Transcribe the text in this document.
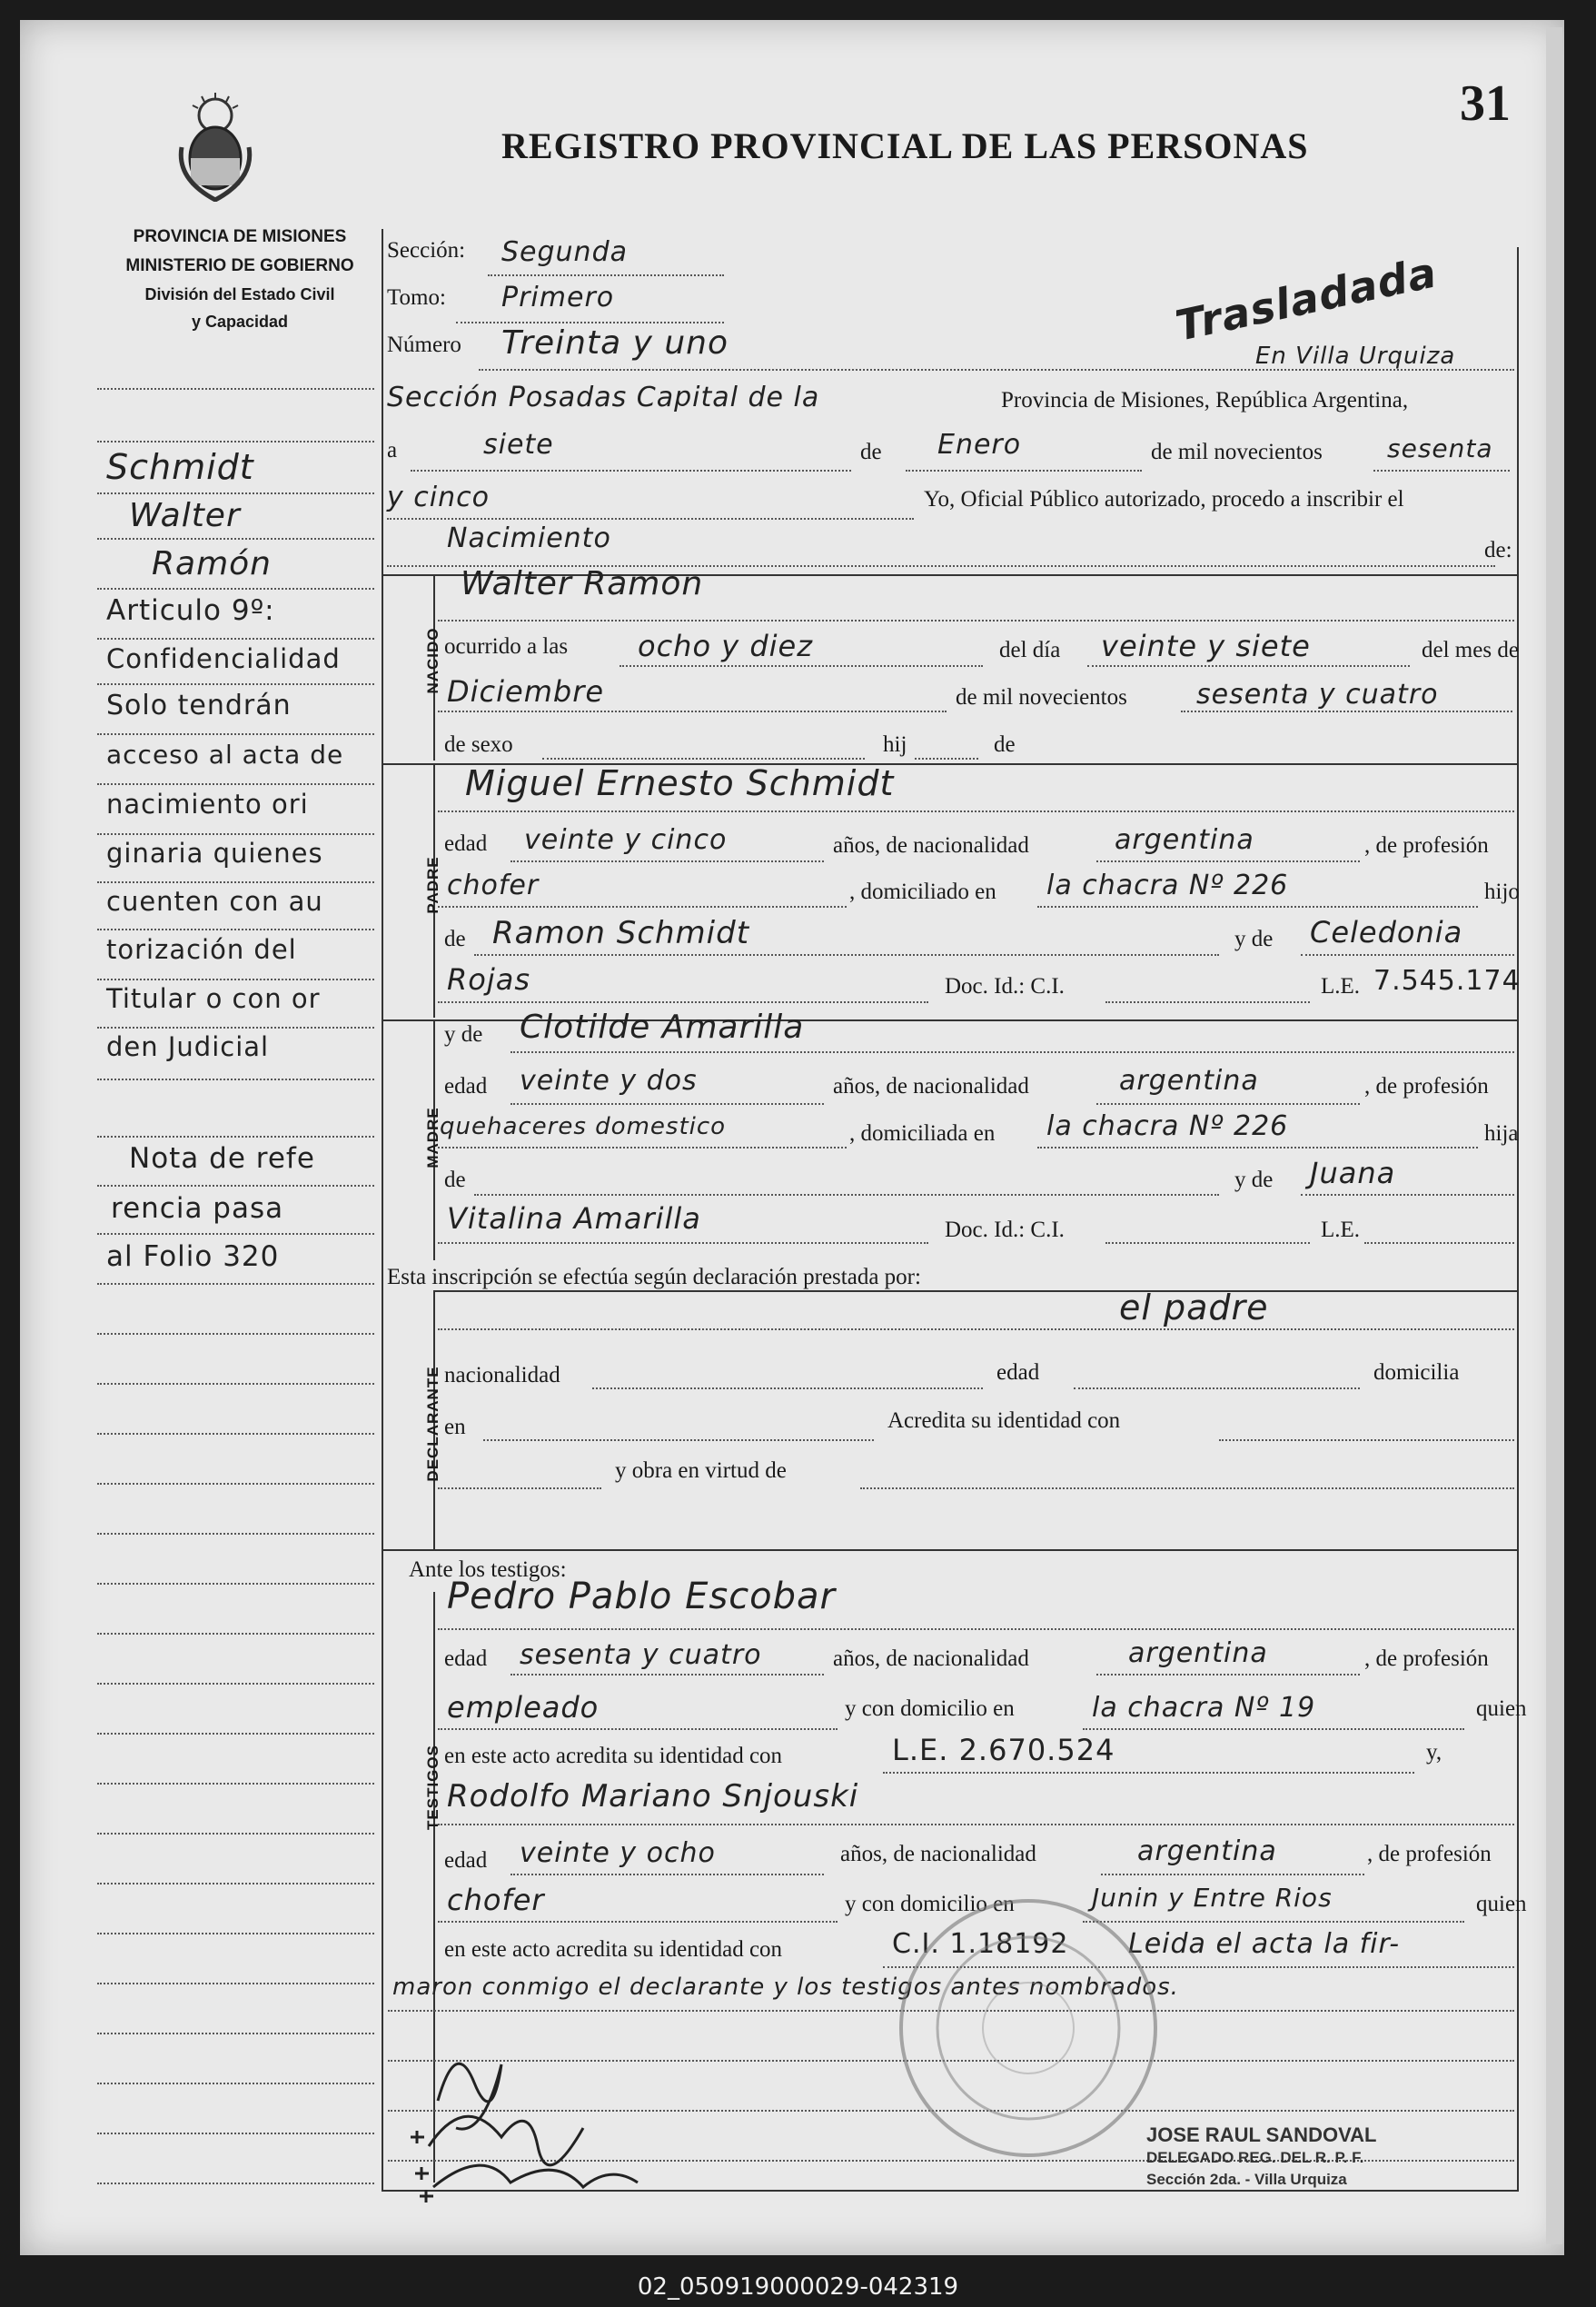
PROVINCIA DE MISIONES
MINISTERIO DE GOBIERNO
División del Estado Civil
y Capacidad
REGISTRO PROVINCIAL DE LAS PERSONAS
31
Schmidt
Walter
Ramón
Articulo 9º:
Confidencialidad
Solo tendrán
acceso al acta de
nacimiento ori
ginaria quienes
cuenten con au
torización del
Titular o con or
den Judicial
Nota de refe
rencia pasa
al Folio 320
Sección: Segunda
Tomo: Primero
Número Treinta y uno	Trasladada
Sección Posadas Capital de la	Provincia de Misiones, República Argentina,
En Villa Urquiza
a	siete	de Enero	de mil novecientos	sesenta
y cinco	Yo, Oficial Público autorizado, procedo a inscribir el
Nacimiento	de:
NACIDO
Walter Ramon
ocurrido a las ocho y diez	del día veinte y siete	del mes de
Diciembre	de mil novecientos	sesenta y cuatro
de sexo	hij	de
PADRE
Miguel Ernesto Schmidt
edad veinte y cinco	años, de nacionalidad	argentina	, de profesión
chofer	, domiciliado en la chacra Nº 226	hijo
de Ramon Schmidt	y de Celedonia
Rojas	Doc. Id.: C.I.	L.E. 7.545.174
MADRE
y de Clotilde Amarilla
edad veinte y dos	años, de nacionalidad	argentina	, de profesión
quehaceres domestico	, domiciliada en la chacra Nº 226	hija
de	y de Juana
Vitalina Amarilla	Doc. Id.: C.I.	L.E.
Esta inscripción se efectúa según declaración prestada por:
DECLARANTE
el padre
nacionalidad	edad	domicilia
en	Acredita su identidad con
y obra en virtud de
Ante los testigos:
TESTIGOS
Pedro Pablo Escobar
edad sesenta y cuatro	años, de nacionalidad	argentina	, de profesión
empleado	y con domicilio en	la chacra Nº 19	quien
en este acto acredita su identidad con	L.E. 2.670.524	y,
Rodolfo Mariano Snjouski
edad veinte y ocho	años, de nacionalidad	argentina	, de profesión
chofer	y con domicilio en	Junin y Entre Rios	quien
en este acto acredita su identidad con	C.I. 1.18192 Leida el acta la fir-
maron conmigo el declarante y los testigos antes nombrados.
JOSE RAUL SANDOVAL
DELEGADO REG. DEL R. P. F.
Sección 2da. - Villa Urquiza
02_050919000029-042319
